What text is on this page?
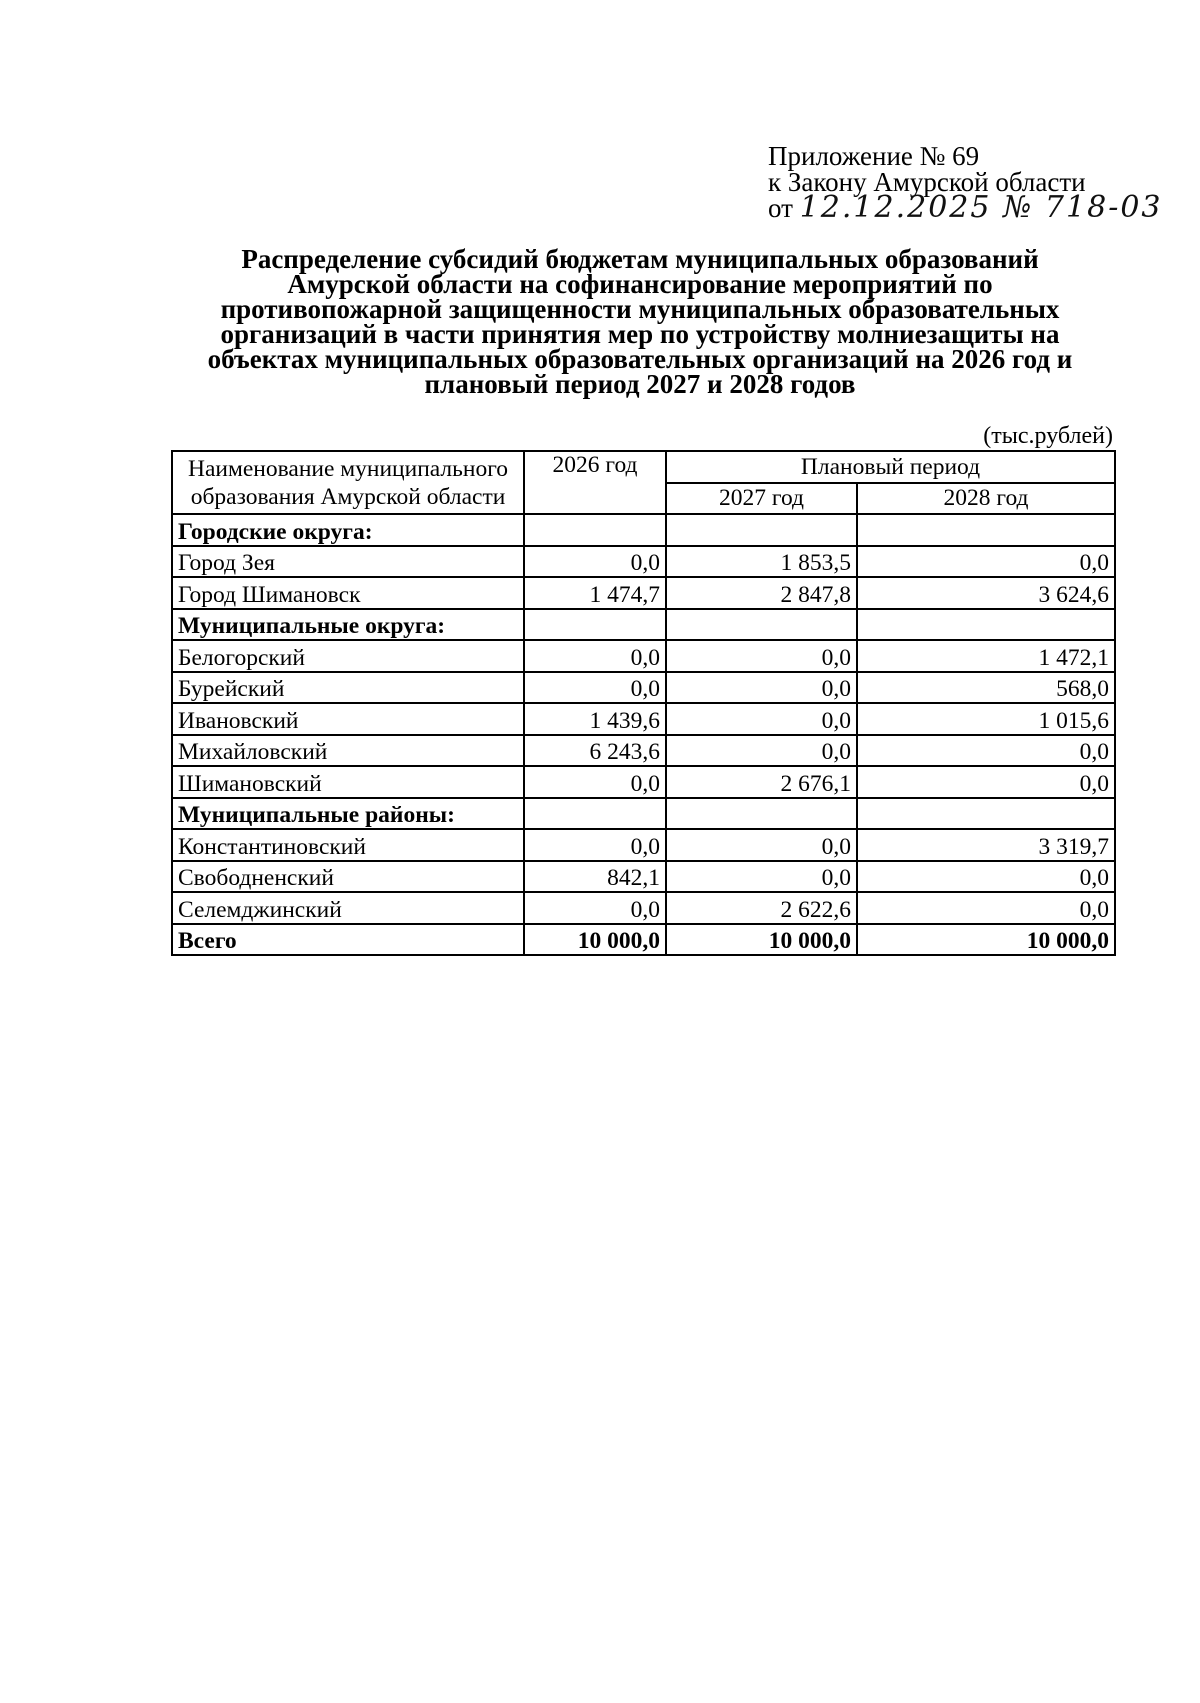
Приложение № 69
к Закону Амурской области
от 12.12.2025 № 718-03
Распределение субсидий бюджетам муниципальных образований
Амурской области на софинансирование мероприятий по
противопожарной защищенности муниципальных образовательных
организаций в части принятия мер по устройству молниезащиты на
объектах муниципальных образовательных организаций на 2026 год и
плановый период 2027 и 2028 годов
(тыс.рублей)
Наименование муниципального
образования Амурской области	2026 год	Плановый период	
		2027 год	2028 год
Городские округа:			
Город Зея	0,0	1 853,5	0,0
Город Шимановск	1 474,7	2 847,8	3 624,6
Муниципальные округа:			
Белогорский	0,0	0,0	1 472,1
Бурейский	0,0	0,0	568,0
Ивановский	1 439,6	0,0	1 015,6
Михайловский	6 243,6	0,0	0,0
Шимановский	0,0	2 676,1	0,0
Муниципальные районы:			
Константиновский	0,0	0,0	3 319,7
Свободненский	842,1	0,0	0,0
Селемджинский	0,0	2 622,6	0,0
Всего	10 000,0	10 000,0	10 000,0
